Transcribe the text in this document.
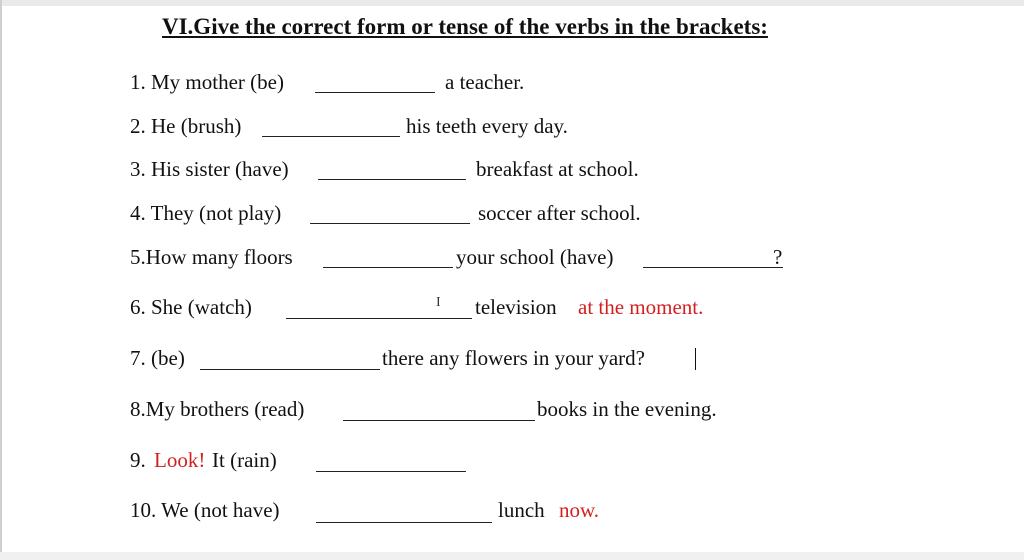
VI.Give the correct form or tense of the verbs in the brackets:
1. My mother (be)	a teacher.
2. He (brush)	his teeth every day.
3. His sister (have)	breakfast at school.
4. They (not play)	soccer after school.
5.How many floors	your school (have)	?
6. She (watch)	I television at the moment.
7. (be)	there any flowers in your yard?
8.My brothers (read)	books in the evening.
9. Look! It (rain)
10. We (not have)	lunch now.
